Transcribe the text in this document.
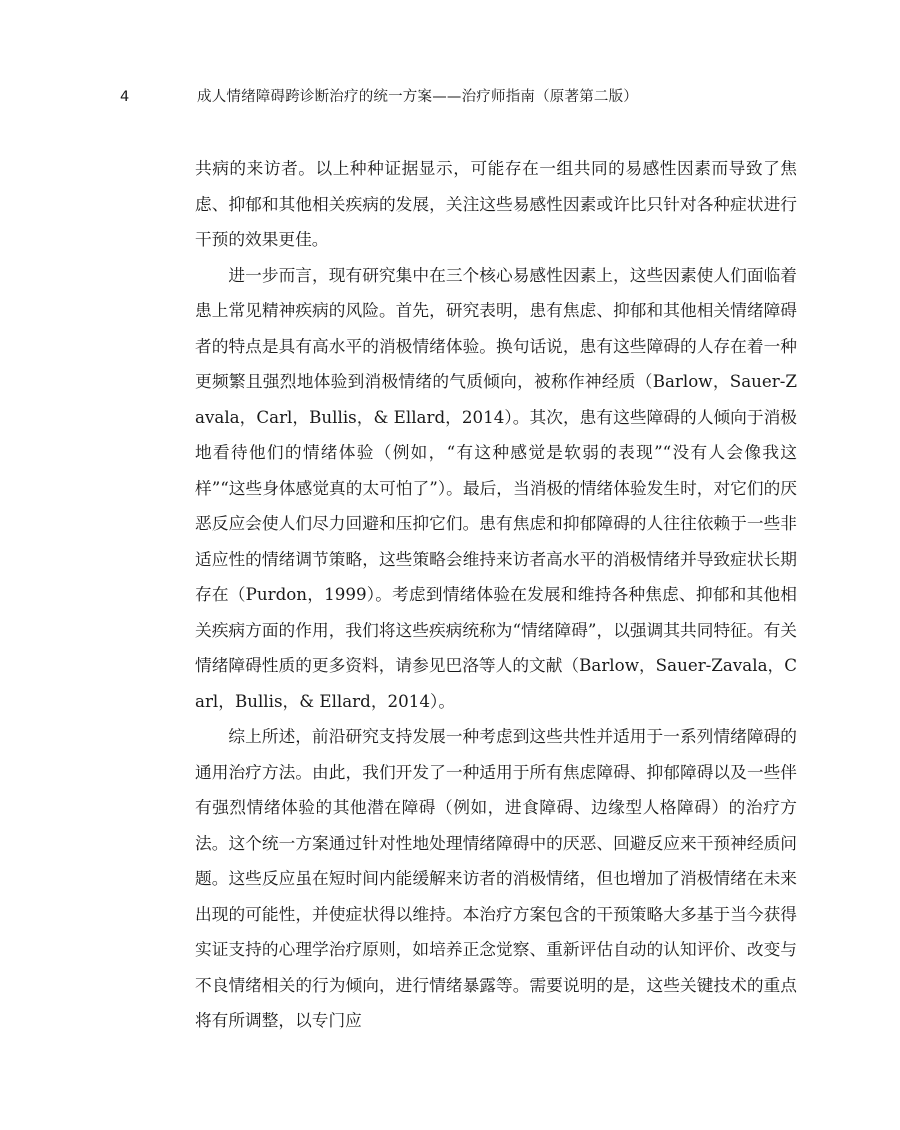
4	成人情绪障碍跨诊断治疗的统一方案——治疗师指南（原著第二版）

共病的来访者。以上种种证据显示，可能存在一组共同的易感性因素而导致了焦虑、抑郁和其他相关疾病的发展，关注这些易感性因素或许比只针对各种症状进行干预的效果更佳。

进一步而言，现有研究集中在三个核心易感性因素上，这些因素使人们面临着患上常见精神疾病的风险。首先，研究表明，患有焦虑、抑郁和其他相关情绪障碍者的特点是具有高水平的消极情绪体验。换句话说，患有这些障碍的人存在着一种更频繁且强烈地体验到消极情绪的气质倾向，被称作神经质（Barlow，Sauer-Zavala，Carl，Bullis，& Ellard，2014）。其次，患有这些障碍的人倾向于消极地看待他们的情绪体验（例如，“有这种感觉是软弱的表现”“没有人会像我这样”“这些身体感觉真的太可怕了”）。最后，当消极的情绪体验发生时，对它们的厌恶反应会使人们尽力回避和压抑它们。患有焦虑和抑郁障碍的人往往依赖于一些非适应性的情绪调节策略，这些策略会维持来访者高水平的消极情绪并导致症状长期存在（Purdon，1999）。考虑到情绪体验在发展和维持各种焦虑、抑郁和其他相关疾病方面的作用，我们将这些疾病统称为“情绪障碍”，以强调其共同特征。有关情绪障碍性质的更多资料，请参见巴洛等人的文献（Barlow，Sauer-Zavala，Carl，Bullis，& Ellard，2014）。

综上所述，前沿研究支持发展一种考虑到这些共性并适用于一系列情绪障碍的通用治疗方法。由此，我们开发了一种适用于所有焦虑障碍、抑郁障碍以及一些伴有强烈情绪体验的其他潜在障碍（例如，进食障碍、边缘型人格障碍）的治疗方法。这个统一方案通过针对性地处理情绪障碍中的厌恶、回避反应来干预神经质问题。这些反应虽在短时间内能缓解来访者的消极情绪，但也增加了消极情绪在未来出现的可能性，并使症状得以维持。本治疗方案包含的干预策略大多基于当今获得实证支持的心理学治疗原则，如培养正念觉察、重新评估自动的认知评价、改变与不良情绪相关的行为倾向，进行情绪暴露等。需要说明的是，这些关键技术的重点将有所调整，以专门应
